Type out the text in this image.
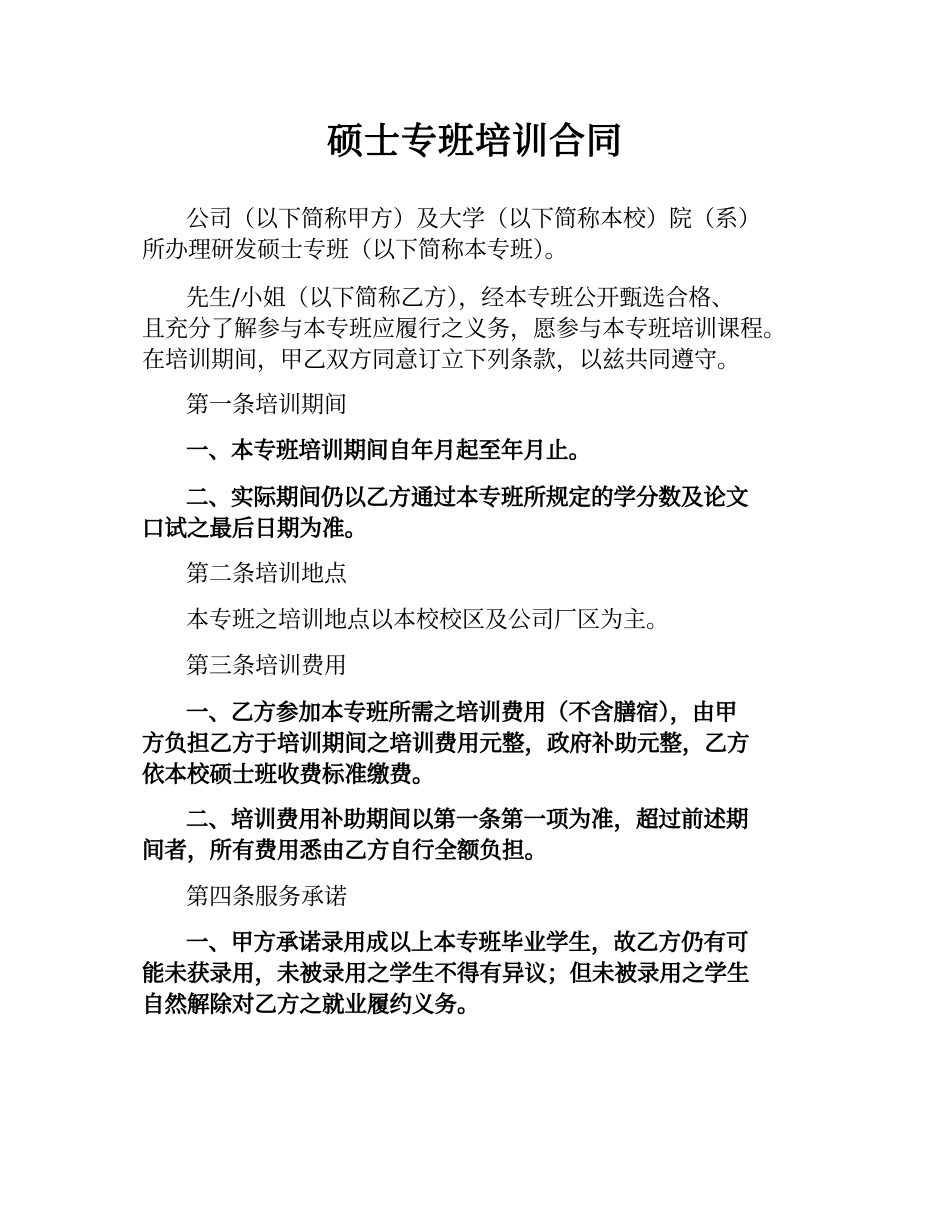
硕士专班培训合同
公司（以下简称甲方）及大学（以下简称本校）院（系）
所办理研发硕士专班（以下简称本专班）。
先生/小姐（以下简称乙方），经本专班公开甄选合格、
且充分了解参与本专班应履行之义务，愿参与本专班培训课程。
在培训期间，甲乙双方同意订立下列条款，以兹共同遵守。
第一条培训期间
一、本专班培训期间自年月起至年月止。
二、实际期间仍以乙方通过本专班所规定的学分数及论文
口试之最后日期为准。
第二条培训地点
本专班之培训地点以本校校区及公司厂区为主。
第三条培训费用
一、乙方参加本专班所需之培训费用（不含膳宿），由甲
方负担乙方于培训期间之培训费用元整，政府补助元整，乙方
依本校硕士班收费标准缴费。
二、培训费用补助期间以第一条第一项为准，超过前述期
间者，所有费用悉由乙方自行全额负担。
第四条服务承诺
一、甲方承诺录用成以上本专班毕业学生，故乙方仍有可
能未获录用，未被录用之学生不得有异议；但未被录用之学生
自然解除对乙方之就业履约义务。
